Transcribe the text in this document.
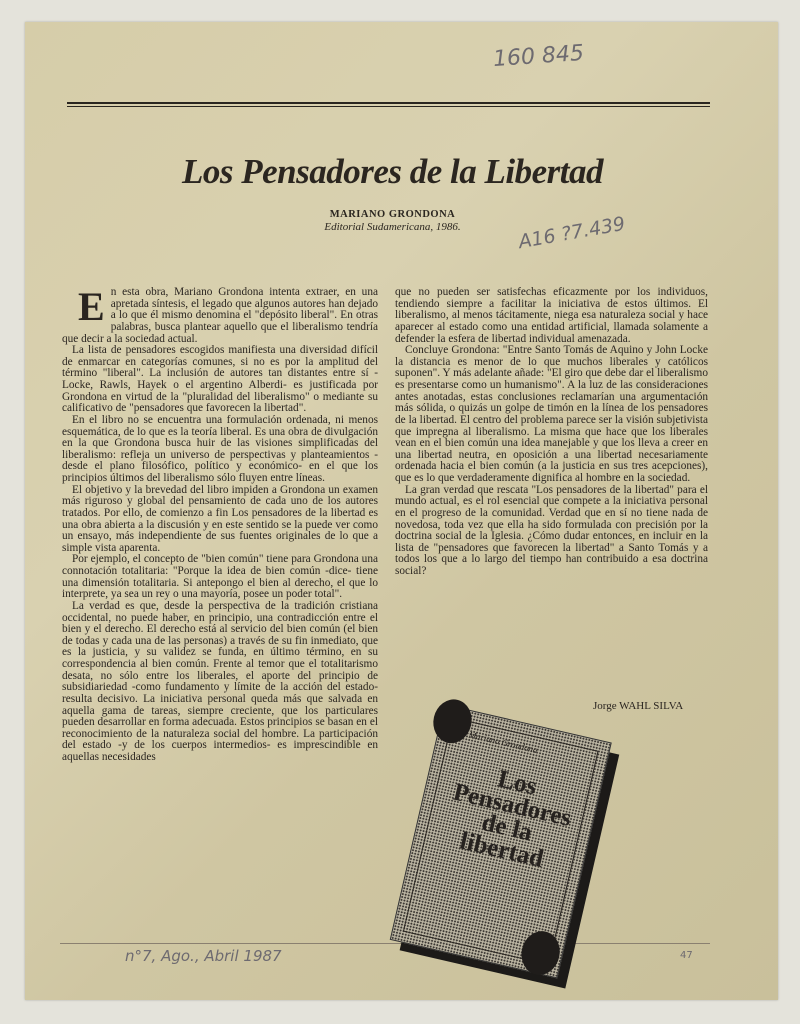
160 845
Los Pensadores de la Libertad
MARIANO GRONDONA
Editorial Sudamericana, 1986.	A16 ?7.439

En esta obra, Mariano Grondona intenta extraer, en una apretada síntesis, el legado que algunos autores han dejado a lo que él mismo denomina el "depósito liberal". En otras palabras, busca plantear aquello que el liberalismo tendría que decir a la sociedad actual.

La lista de pensadores escogidos manifiesta una diversidad difícil de enmarcar en categorías comunes, si no es por la amplitud del término "liberal". La inclusión de autores tan distantes entre sí -Locke, Rawls, Hayek o el argentino Alberdi- es justificada por Grondona en virtud de la "pluralidad del liberalismo" o mediante su calificativo de "pensadores que favorecen la libertad".

En el libro no se encuentra una formulación ordenada, ni menos esquemática, de lo que es la teoría liberal. Es una obra de divulgación en la que Grondona busca huir de las visiones simplificadas del liberalismo: refleja un universo de perspectivas y planteamientos -desde el plano filosófico, político y económico- en el que los principios últimos del liberalismo sólo fluyen entre líneas.

El objetivo y la brevedad del libro impiden a Grondona un examen más riguroso y global del pensamiento de cada uno de los autores tratados. Por ello, de comienzo a fin Los pensadores de la libertad es una obra abierta a la discusión y en este sentido se la puede ver como un ensayo, más independiente de sus fuentes originales de lo que a simple vista aparenta.

Por ejemplo, el concepto de "bien común" tiene para Grondona una connotación totalitaria: "Porque la idea de bien común -dice- tiene una dimensión totalitaria. Si antepongo el bien al derecho, el que lo interprete, ya sea un rey o una mayoría, posee un poder total".

La verdad es que, desde la perspectiva de la tradición cristiana occidental, no puede haber, en principio, una contradicción entre el bien y el derecho. El derecho está al servicio del bien común (el bien de todas y cada una de las personas) a través de su fin inmediato, que es la justicia, y su validez se funda, en último término, en su correspondencia al bien común. Frente al temor que el totalitarismo desata, no sólo entre los liberales, el aporte del principio de subsidiariedad -como fundamento y límite de la acción del estado- resulta decisivo. La iniciativa personal queda más que salvada en aquella gama de tareas, siempre creciente, que los particulares pueden desarrollar en forma adecuada. Estos principios se basan en el reconocimiento de la naturaleza social del hombre. La participación del estado -y de los cuerpos intermedios- es imprescindible en aquellas necesidades

que no pueden ser satisfechas eficazmente por los individuos, tendiendo siempre a facilitar la iniciativa de estos últimos. El liberalismo, al menos tácitamente, niega esa naturaleza social y hace aparecer al estado como una entidad artificial, llamada solamente a defender la esfera de libertad individual amenazada.

Concluye Grondona: "Entre Santo Tomás de Aquino y John Locke la distancia es menor de lo que muchos liberales y católicos suponen". Y más adelante añade: "El giro que debe dar el liberalismo es presentarse como un humanismo". A la luz de las consideraciones antes anotadas, estas conclusiones reclamarían una argumentación más sólida, o quizás un golpe de timón en la línea de los pensadores de la libertad. El centro del problema parece ser la visión subjetivista que impregna al liberalismo. La misma que hace que los liberales vean en el bien común una idea manejable y que los lleva a creer en una libertad neutra, en oposición a una libertad necesariamente ordenada hacia el bien común (a la justicia en sus tres acepciones), que es lo que verdaderamente dignifica al hombre en la sociedad.

La gran verdad que rescata "Los pensadores de la libertad" para el mundo actual, es el rol esencial que compete a la iniciativa personal en el progreso de la comunidad. Verdad que en sí no tiene nada de novedosa, toda vez que ella ha sido formulada con precisión por la doctrina social de la Iglesia. ¿Cómo dudar entonces, en incluir en la lista de "pensadores que favorecen la libertad" a Santo Tomás y a todos los que a lo largo del tiempo han contribuido a esa doctrina social?

Jorge WAHL SILVA
Mariano Grondona
Los Pensadores de la libertad
n°7, Ago., Abril 1987	47
